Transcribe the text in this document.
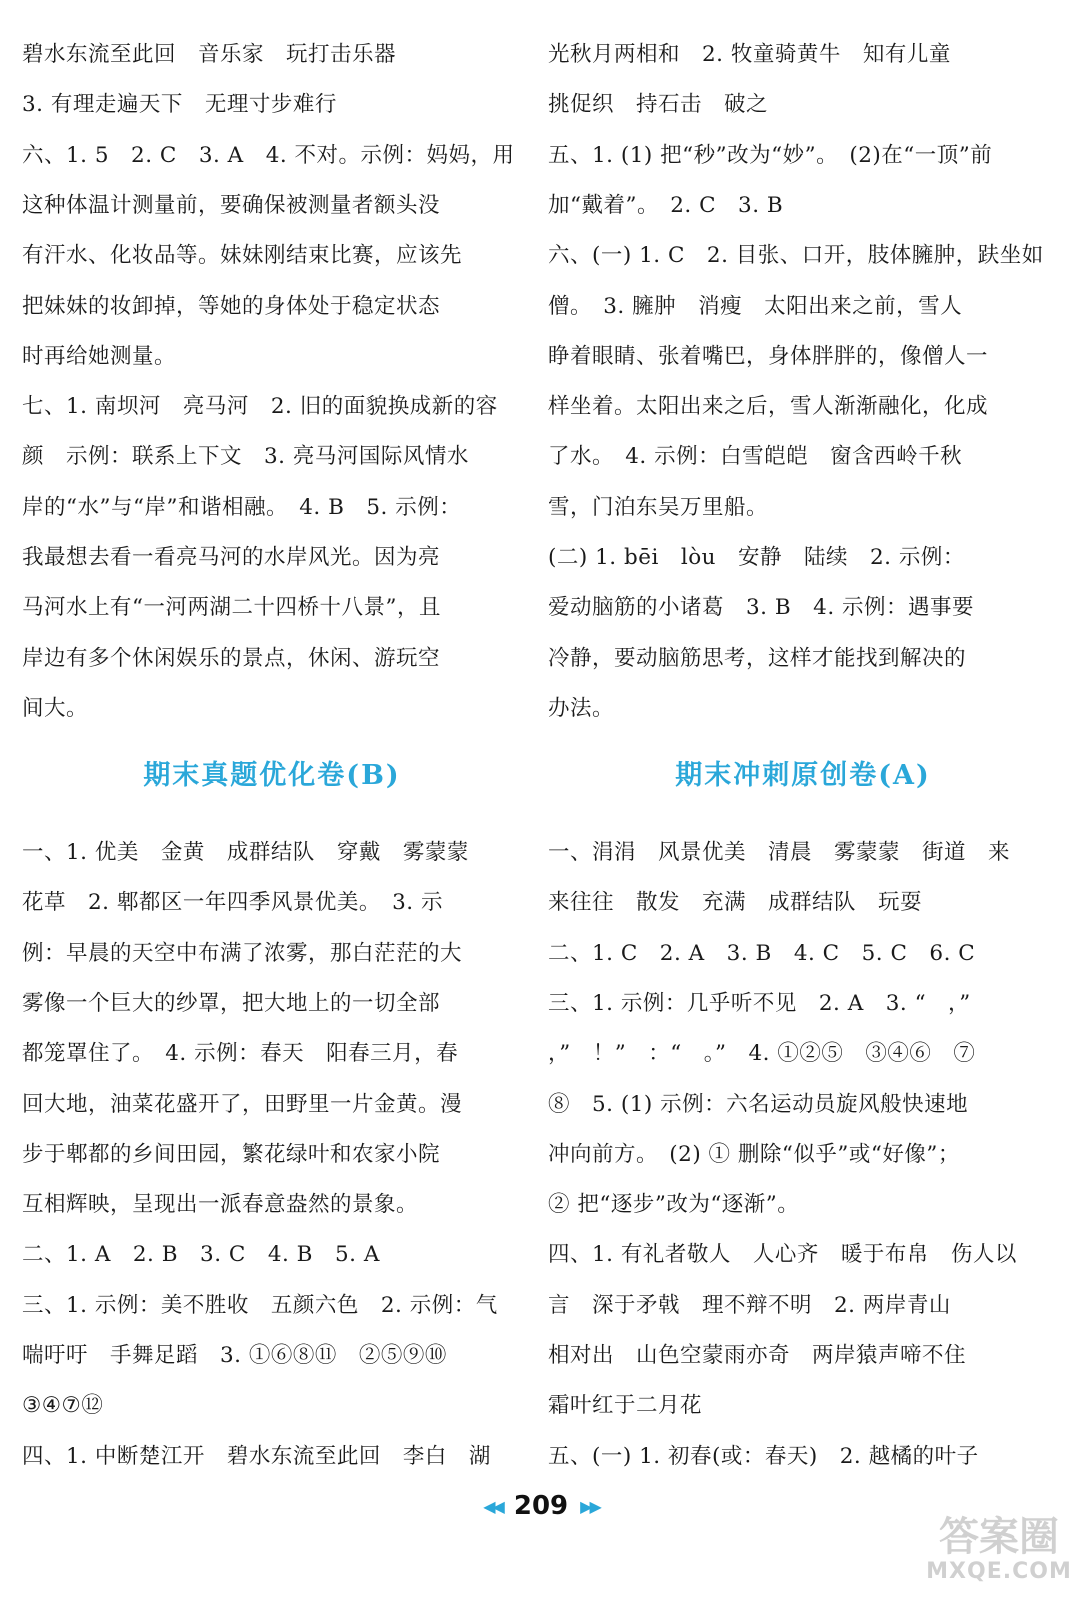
碧水东流至此回　音乐家　玩打击乐器
3. 有理走遍天下　无理寸步难行
六、1. 5　2. C　3. A　4. 不对。示例：妈妈，用
这种体温计测量前，要确保被测量者额头没
有汗水、化妆品等。妹妹刚结束比赛，应该先
把妹妹的妆卸掉，等她的身体处于稳定状态
时再给她测量。
七、1. 南坝河　亮马河　2. 旧的面貌换成新的容
颜　示例：联系上下文　3. 亮马河国际风情水
岸的“水”与“岸”和谐相融。　4. B　5. 示例：
我最想去看一看亮马河的水岸风光。因为亮
马河水上有“一河两湖二十四桥十八景”，且
岸边有多个休闲娱乐的景点，休闲、游玩空
间大。
期末真题优化卷(B)
一、1. 优美　金黄　成群结队　穿戴　雾蒙蒙
花草　2. 郫都区一年四季风景优美。　3. 示
例：早晨的天空中布满了浓雾，那白茫茫的大
雾像一个巨大的纱罩，把大地上的一切全部
都笼罩住了。　4. 示例：春天　阳春三月，春
回大地，油菜花盛开了，田野里一片金黄。漫
步于郫都的乡间田园，繁花绿叶和农家小院
互相辉映，呈现出一派春意盎然的景象。
二、1. A　2. B　3. C　4. B　5. A
三、1. 示例：美不胜收　五颜六色　2. 示例：气
喘吁吁　手舞足蹈　3. ①⑥⑧⑪　②⑤⑨⑩
③④⑦⑫
四、1. 中断楚江开　碧水东流至此回　李白　湖
光秋月两相和　2. 牧童骑黄牛　知有儿童
挑促织　持石击　破之
五、1. (1) 把“秒”改为“妙”。　(2)在“一顶”前
加“戴着”。　2. C　3. B
六、(一) 1. C　2. 目张、口开，肢体臃肿，趺坐如
僧。　3. 臃肿　消瘦　太阳出来之前，雪人
睁着眼睛、张着嘴巴，身体胖胖的，像僧人一
样坐着。太阳出来之后，雪人渐渐融化，化成
了水。　4. 示例：白雪皑皑　窗含西岭千秋
雪，门泊东吴万里船。
(二) 1. bēi　lòu　安静　陆续　2. 示例：
爱动脑筋的小诸葛　3. B　4. 示例：遇事要
冷静，要动脑筋思考，这样才能找到解决的
办法。
期末冲刺原创卷(A)
一、涓涓　风景优美　清晨　雾蒙蒙　街道　来
来往往　散发　充满　成群结队　玩耍
二、1. C　2. A　3. B　4. C　5. C　6. C
三、1. 示例：几乎听不见　2. A　3. “　，”
，”　！”　：“　。”　4. ①②⑤　③④⑥　⑦
⑧　5. (1) 示例：六名运动员旋风般快速地
冲向前方。　(2) ① 删除“似乎”或“好像”；
② 把“逐步”改为“逐渐”。
四、1. 有礼者敬人　人心齐　暖于布帛　伤人以
言　深于矛戟　理不辩不明　2. 两岸青山
相对出　山色空蒙雨亦奇　两岸猿声啼不住
霜叶红于二月花
五、(一) 1. 初春(或：春天)　2. 越橘的叶子
◀◀ 209 ▶▶
答案圈
MXQE.COM
